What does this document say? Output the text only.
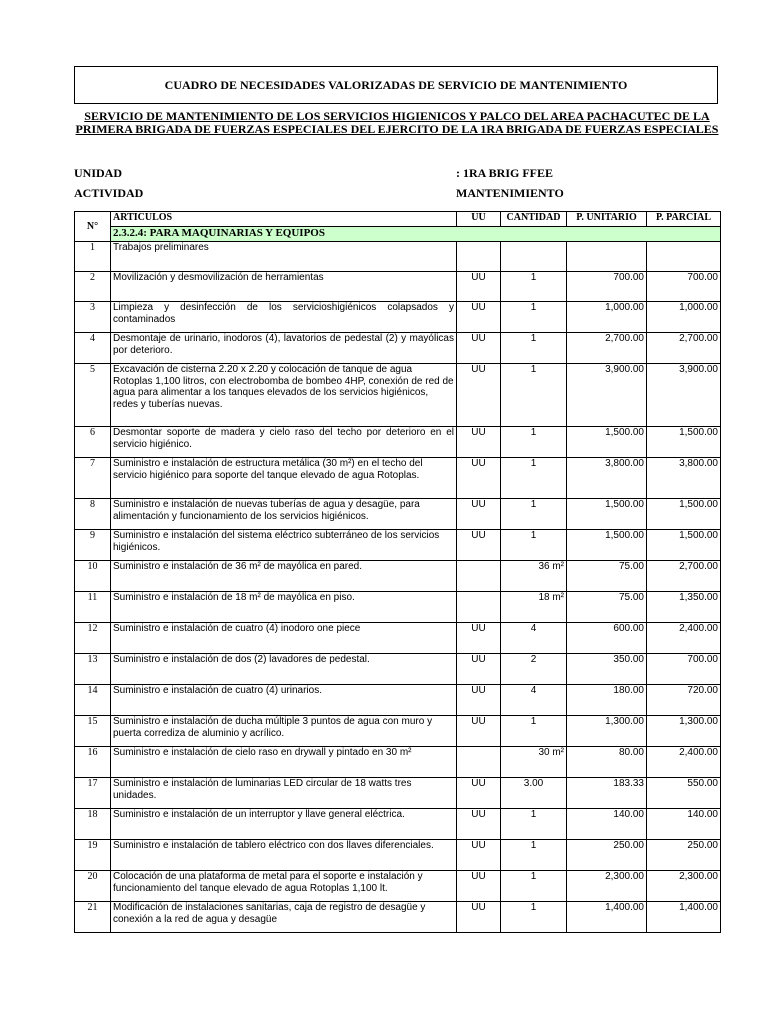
CUADRO DE NECESIDADES VALORIZADAS DE SERVICIO DE MANTENIMIENTO
SERVICIO DE MANTENIMIENTO DE LOS SERVICIOS HIGIENICOS Y PALCO DEL AREA PACHACUTEC DE LA PRIMERA BRIGADA DE FUERZAS ESPECIALES DEL EJERCITO DE LA 1RA BRIGADA DE FUERZAS ESPECIALES
UNIDAD	: 1RA BRIG FFEE
ACTIVIDAD	MANTENIMIENTO
N°	ARTICULOS	UU	CANTIDAD	P. UNITARIO	P. PARCIAL
	2.3.2.4: PARA MAQUINARIAS Y EQUIPOS				
1	Trabajos preliminares				
2	Movilización y desmovilización de herramientas	UU	1	700.00	700.00
3	Limpieza y desinfección de los servicioshigiénicos colapsados y contaminados	UU	1	1,000.00	1,000.00
4	Desmontaje de urinario, inodoros (4), lavatorios de pedestal (2) y mayólicas por deterioro.	UU	1	2,700.00	2,700.00
5	Excavación de cisterna 2.20 x 2.20 y colocación de tanque de agua Rotoplas 1,100 litros, con electrobomba de bombeo 4HP, conexión de red de agua para alimentar a los tanques elevados de los servicios higiénicos, redes y tuberías nuevas.	UU	1	3,900.00	3,900.00
6	Desmontar soporte de madera y cielo raso del techo por deterioro en el servicio higiénico.	UU	1	1,500.00	1,500.00
7	Suministro e instalación de estructura metálica (30 m²) en el techo del servicio higiénico para soporte del tanque elevado de agua Rotoplas.	UU	1	3,800.00	3,800.00
8	Suministro e instalación de nuevas tuberías de agua y desagüe, para alimentación y funcionamiento de los servicios higiénicos.	UU	1	1,500.00	1,500.00
9	Suministro e instalación del sistema eléctrico subterráneo de los servicios higiénicos.	UU	1	1,500.00	1,500.00
10	Suministro e instalación de 36 m² de mayólica en pared.		36 m²	75.00	2,700.00
11	Suministro e instalación de 18 m² de mayólica en piso.		18 m²	75.00	1,350.00
12	Suministro e instalación de cuatro (4) inodoro one piece	UU	4	600.00	2,400.00
13	Suministro e instalación de dos (2) lavadores de pedestal.	UU	2	350.00	700.00
14	Suministro e instalación de cuatro (4) urinarios.	UU	4	180.00	720.00
15	Suministro e instalación de ducha múltiple 3 puntos de agua con muro y puerta corrediza de aluminio y acrílico.	UU	1	1,300.00	1,300.00
16	Suministro e instalación de cielo raso en drywall y pintado en 30 m²		30 m²	80.00	2,400.00
17	Suministro e instalación de luminarias LED circular de 18 watts tres unidades.	UU	3.00	183.33	550.00
18	Suministro e instalación de un interruptor y llave general eléctrica.	UU	1	140.00	140.00
19	Suministro e instalación de tablero eléctrico con dos llaves diferenciales.	UU	1	250.00	250.00
20	Colocación de una plataforma de metal para el soporte e instalación y funcionamiento del tanque elevado de agua Rotoplas 1,100 lt.	UU	1	2,300.00	2,300.00
21	Modificación de instalaciones sanitarias, caja de registro de desagüe y conexión a la red de agua y desagüe	UU	1	1,400.00	1,400.00
